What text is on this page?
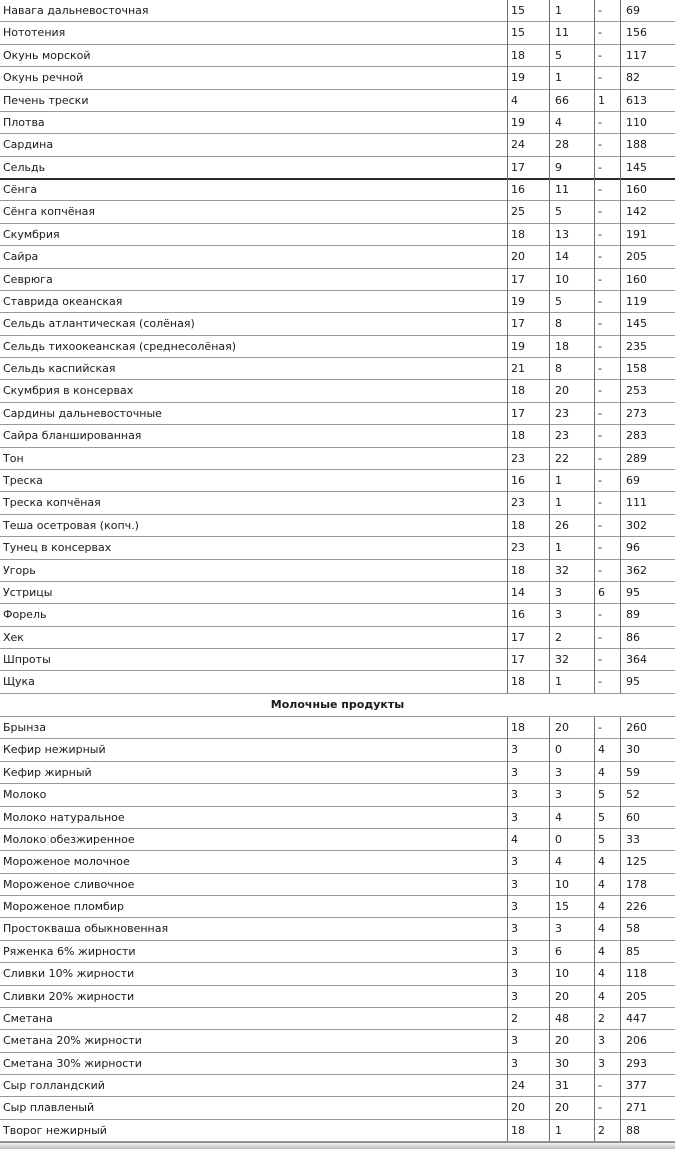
Навага дальневосточная	15	1	-	69
Нототения	15	11	-	156
Окунь морской	18	5	-	117
Окунь речной	19	1	-	82
Печень трески	4	66	1	613
Плотва	19	4	-	110
Сардина	24	28	-	188
Сельдь	17	9	-	145
Сёнга	16	11	-	160
Сёнга копчёная	25	5	-	142
Скумбрия	18	13	-	191
Сайра	20	14	-	205
Севрюга	17	10	-	160
Ставрида океанская	19	5	-	119
Сельдь атлантическая (солёная)	17	8	-	145
Сельдь тихоокеанская (среднесолёная)	19	18	-	235
Сельдь каспийская	21	8	-	158
Скумбрия в консервах	18	20	-	253
Сардины дальневосточные	17	23	-	273
Сайра бланшированная	18	23	-	283
Тон	23	22	-	289
Треска	16	1	-	69
Треска копчёная	23	1	-	111
Теша осетровая (копч.)	18	26	-	302
Тунец в консервах	23	1	-	96
Угорь	18	32	-	362
Устрицы	14	3	6	95
Форель	16	3	-	89
Хек	17	2	-	86
Шпроты	17	32	-	364
Щука	18	1	-	95
Молочные продукты
Брынза	18	20	-	260
Кефир нежирный	3	0	4	30
Кефир жирный	3	3	4	59
Молоко	3	3	5	52
Молоко натуральное	3	4	5	60
Молоко обезжиренное	4	0	5	33
Мороженое молочное	3	4	4	125
Мороженое сливочное	3	10	4	178
Мороженое пломбир	3	15	4	226
Простокваша обыкновенная	3	3	4	58
Ряженка 6% жирности	3	6	4	85
Сливки 10% жирности	3	10	4	118
Сливки 20% жирности	3	20	4	205
Сметана	2	48	2	447
Сметана 20% жирности	3	20	3	206
Сметана 30% жирности	3	30	3	293
Сыр голландский	24	31	-	377
Сыр плавленый	20	20	-	271
Творог нежирный	18	1	2	88
